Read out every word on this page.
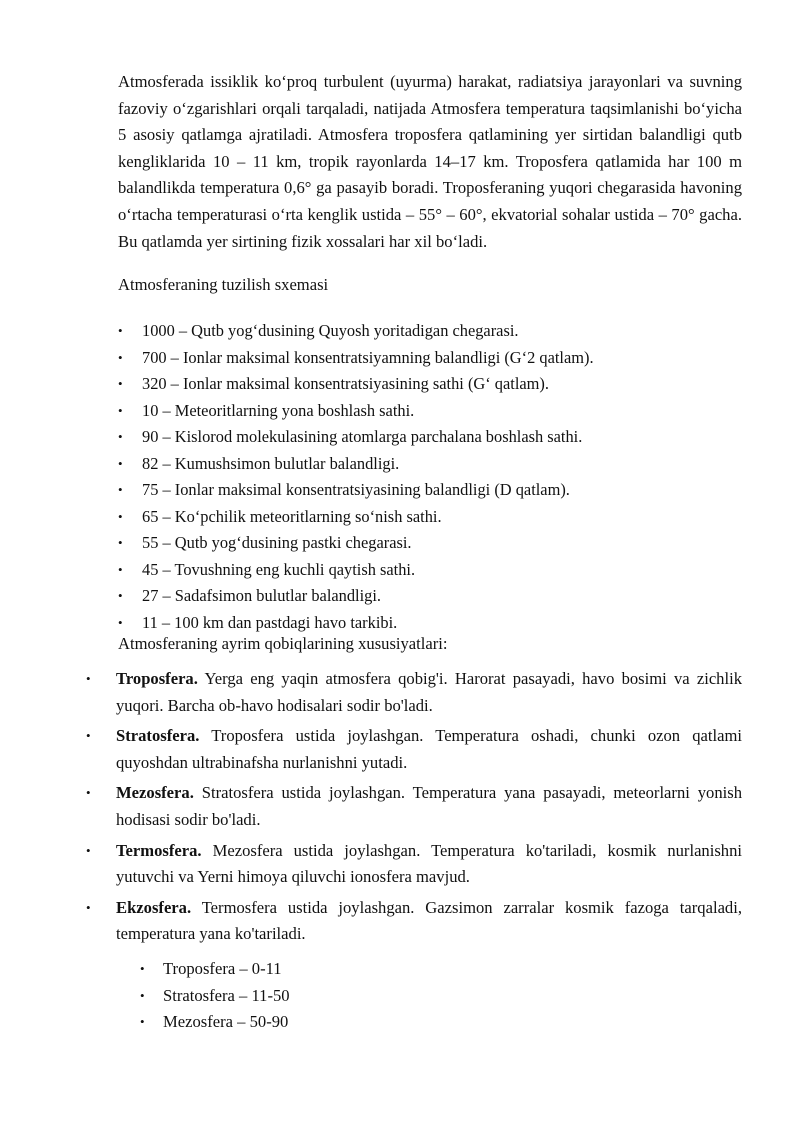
Atmosferada issiklik ko‘proq turbulent (uyurma) harakat, radiatsiya jarayonlari va suvning fazoviy o‘zgarishlari orqali tarqaladi, natijada Atmosfera temperatura taqsimlanishi bo‘yicha 5 asosiy qatlamga ajratiladi. Atmosfera troposfera qatlamining yer sirtidan balandligi qutb kengliklarida 10 – 11 km, tropik rayonlarda 14–17 km. Troposfera qatlamida har 100 m balandlikda temperatura 0,6° ga pasayib boradi. Troposferaning yuqori chegarasida havoning o‘rtacha temperaturasi o‘rta kenglik ustida – 55° – 60°, ekvatorial sohalar ustida – 70° gacha. Bu qatlamda yer sirtining fizik xossalari har xil bo‘ladi.

Atmosferaning tuzilish sxemasi
• 1000 – Qutb yog‘dusining Quyosh yoritadigan chegarasi.
• 700 – Ionlar maksimal konsentratsiyamning balandligi (G‘2 qatlam).
• 320 – Ionlar maksimal konsentratsiyasining sathi (G‘ qatlam).
• 10 – Meteoritlarning yona boshlash sathi.
• 90 – Kislorod molekulasining atomlarga parchalana boshlash sathi.
• 82 – Kumushsimon bulutlar balandligi.
• 75 – Ionlar maksimal konsentratsiyasining balandligi (D qatlam).
• 65 – Ko‘pchilik meteoritlarning so‘nish sathi.
• 55 – Qutb yog‘dusining pastki chegarasi.
• 45 – Tovushning eng kuchli qaytish sathi.
• 27 – Sadafsimon bulutlar balandligi.
• 11 – 100 km dan pastdagi havo tarkibi.
Atmosferaning ayrim qobiqlarining xususiyatlari:
• Troposfera. Yerga eng yaqin atmosfera qobig'i. Harorat pasayadi, havo bosimi va zichlik yuqori. Barcha ob-havo hodisalari sodir bo'ladi.
• Stratosfera. Troposfera ustida joylashgan. Temperatura oshadi, chunki ozon qatlami quyoshdan ultrabinafsha nurlanishni yutadi.
• Mezosfera. Stratosfera ustida joylashgan. Temperatura yana pasayadi, meteorlarni yonish hodisasi sodir bo'ladi.
• Termosfera. Mezosfera ustida joylashgan. Temperatura ko'tariladi, kosmik nurlanishni yutuvchi va Yerni himoya qiluvchi ionosfera mavjud.
• Ekzosfera. Termosfera ustida joylashgan. Gazsimon zarralar kosmik fazoga tarqaladi, temperatura yana ko'tariladi.
• Troposfera – 0-11
• Stratosfera – 11-50
• Mezosfera – 50-90
